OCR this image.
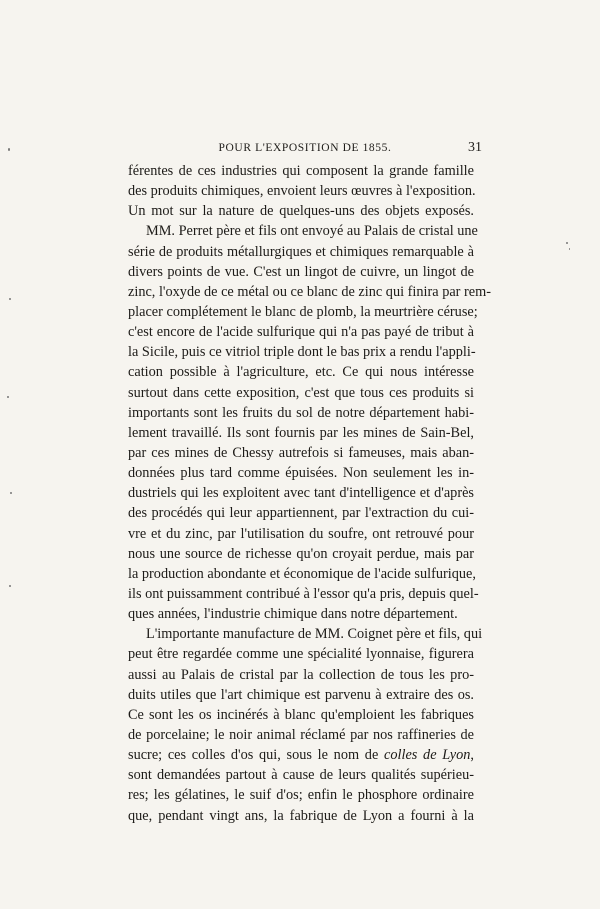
POUR L'EXPOSITION DE 1855.	31
férentes de ces industries qui composent la grande famille
des produits chimiques, envoient leurs œuvres à l'exposition.
Un mot sur la nature de quelques-uns des objets exposés.
MM. Perret père et fils ont envoyé au Palais de cristal une
série de produits métallurgiques et chimiques remarquable à
divers points de vue. C'est un lingot de cuivre, un lingot de
zinc, l'oxyde de ce métal ou ce blanc de zinc qui finira par rem-
placer complétement le blanc de plomb, la meurtrière céruse;
c'est encore de l'acide sulfurique qui n'a pas payé de tribut à
la Sicile, puis ce vitriol triple dont le bas prix a rendu l'appli-
cation possible à l'agriculture, etc. Ce qui nous intéresse
surtout dans cette exposition, c'est que tous ces produits si
importants sont les fruits du sol de notre département habi-
lement travaillé. Ils sont fournis par les mines de Sain-Bel,
par ces mines de Chessy autrefois si fameuses, mais aban-
données plus tard comme épuisées. Non seulement les in-
dustriels qui les exploitent avec tant d'intelligence et d'après
des procédés qui leur appartiennent, par l'extraction du cui-
vre et du zinc, par l'utilisation du soufre, ont retrouvé pour
nous une source de richesse qu'on croyait perdue, mais par
la production abondante et économique de l'acide sulfurique,
ils ont puissamment contribué à l'essor qu'a pris, depuis quel-
ques années, l'industrie chimique dans notre département.
L'importante manufacture de MM. Coignet père et fils, qui
peut être regardée comme une spécialité lyonnaise, figurera
aussi au Palais de cristal par la collection de tous les pro-
duits utiles que l'art chimique est parvenu à extraire des os.
Ce sont les os incinérés à blanc qu'emploient les fabriques
de porcelaine; le noir animal réclamé par nos raffineries de
sucre; ces colles d'os qui, sous le nom de colles de Lyon,
sont demandées partout à cause de leurs qualités supérieu-
res; les gélatines, le suif d'os; enfin le phosphore ordinaire
que, pendant vingt ans, la fabrique de Lyon a fourni à la
